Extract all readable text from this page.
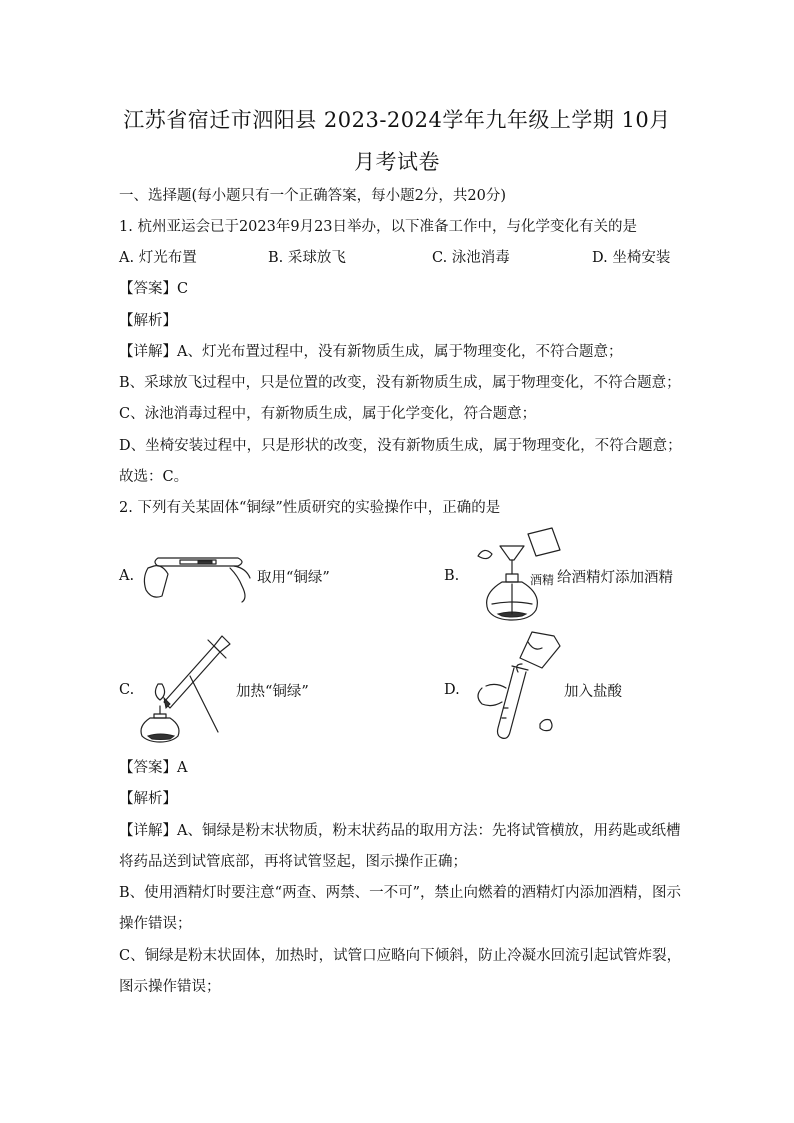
江苏省宿迁市泗阳县 2023-2024学年九年级上学期 10月
月考试卷
一、选择题(每小题只有一个正确答案，每小题2分，共20分)
1. 杭州亚运会已于2023年9月23日举办，以下准备工作中，与化学变化有关的是
A. 灯光布置	B. 采球放飞	C. 泳池消毒	D. 坐椅安装
【答案】C
【解析】
【详解】A、灯光布置过程中，没有新物质生成，属于物理变化，不符合题意；
B、采球放飞过程中，只是位置的改变，没有新物质生成，属于物理变化，不符合题意；
C、泳池消毒过程中，有新物质生成，属于化学变化，符合题意；
D、坐椅安装过程中，只是形状的改变，没有新物质生成，属于物理变化，不符合题意；
故选：C。
2. 下列有关某固体“铜绿”性质研究的实验操作中，正确的是
A.	取用“铜绿”	B.	酒精 给酒精灯添加酒精
C.	加热“铜绿”	D.	加入盐酸
【答案】A
【解析】
【详解】A、铜绿是粉末状物质，粉末状药品的取用方法：先将试管横放，用药匙或纸槽
将药品送到试管底部，再将试管竖起，图示操作正确；
B、使用酒精灯时要注意“两查、两禁、一不可”，禁止向燃着的酒精灯内添加酒精，图示
操作错误；
C、铜绿是粉末状固体，加热时，试管口应略向下倾斜，防止冷凝水回流引起试管炸裂，
图示操作错误；
